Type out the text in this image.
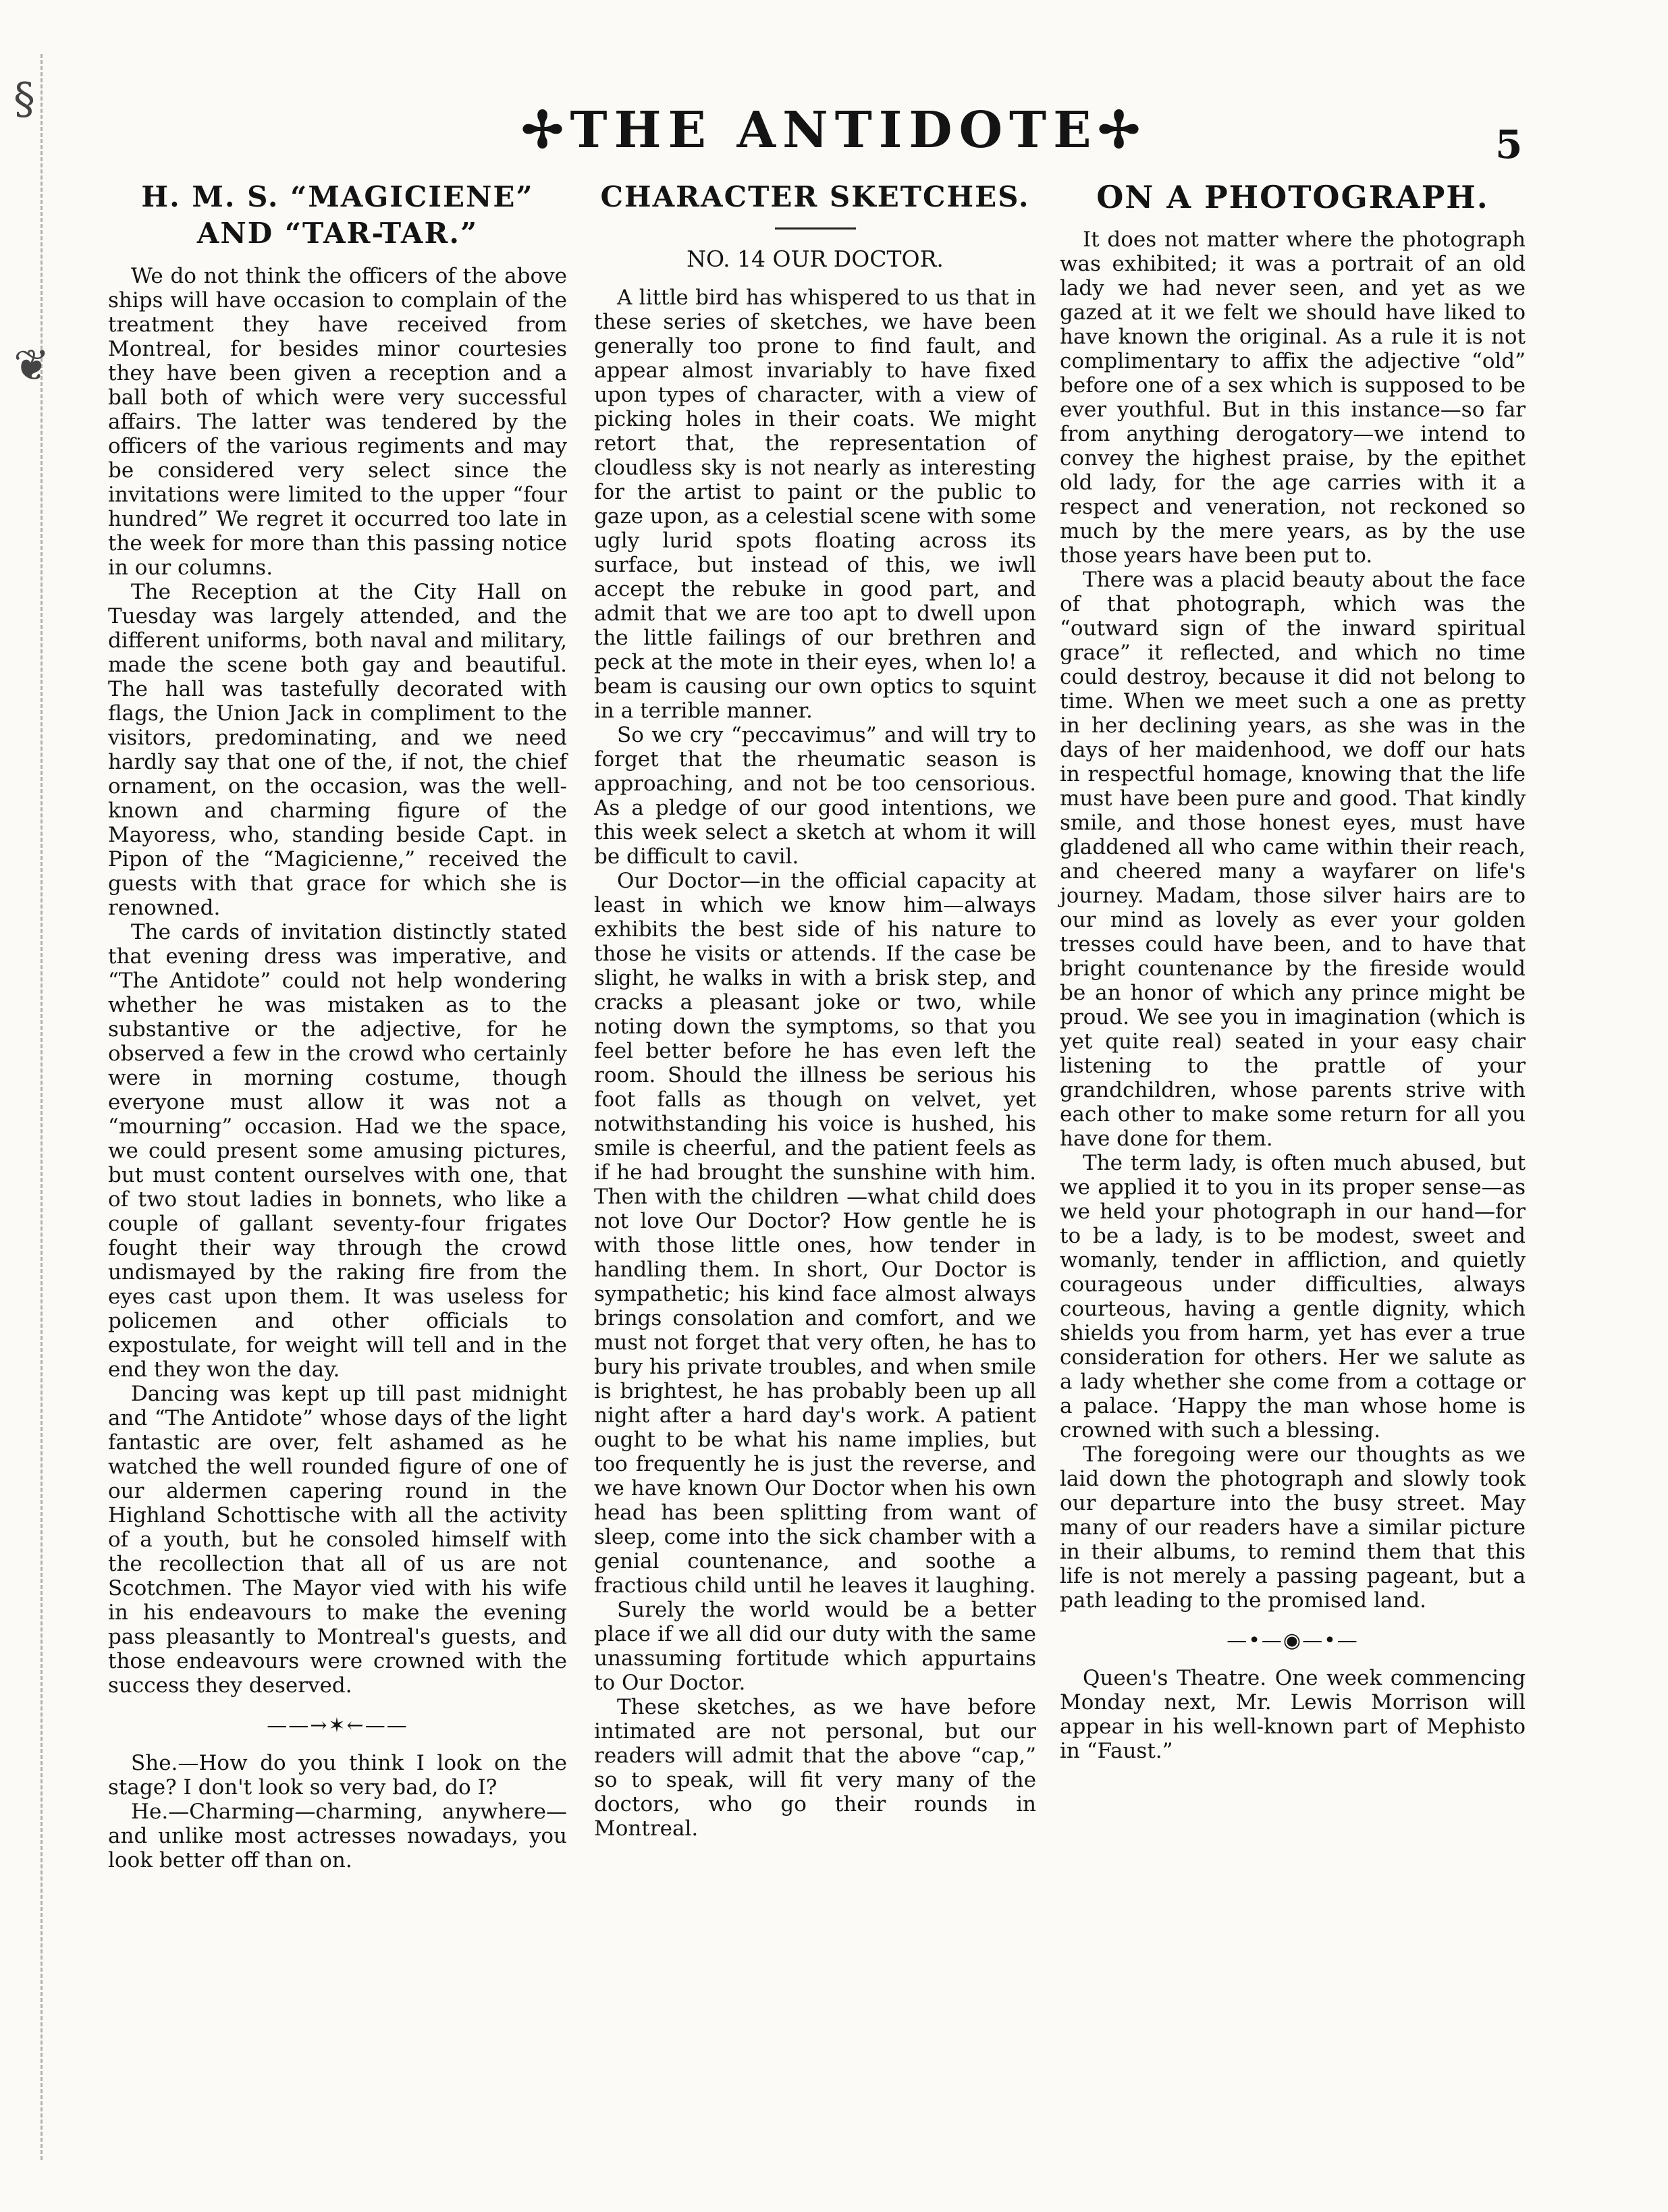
§
❦
✢THE ANTIDOTE✢	5
H. M. S. “MAGICIENE” AND “TAR-TAR.”

We do not think the officers of the above ships will have occasion to complain of the treatment they have received from Montreal, for besides minor courtesies they have been given a reception and a ball both of which were very successful affairs. The latter was tendered by the officers of the various regiments and may be considered very select since the invitations were limited to the upper “four hundred” We regret it occurred too late in the week for more than this passing notice in our columns.

The Reception at the City Hall on Tuesday was largely attended, and the different uniforms, both naval and military, made the scene both gay and beautiful. The hall was tastefully decorated with flags, the Union Jack in compliment to the visitors, predominating, and we need hardly say that one of the, if not, the chief ornament, on the occasion, was the well-known and charming figure of the Mayoress, who, standing beside Capt. in Pipon of the “Magicienne,” received the guests with that grace for which she is renowned.

The cards of invitation distinctly stated that evening dress was imperative, and “The Antidote” could not help wondering whether he was mistaken as to the substantive or the adjective, for he observed a few in the crowd who certainly were in morning costume, though everyone must allow it was not a “mourning” occasion. Had we the space, we could present some amusing pictures, but must content ourselves with one, that of two stout ladies in bonnets, who like a couple of gallant seventy-four frigates fought their way through the crowd undismayed by the raking fire from the eyes cast upon them. It was useless for policemen and other officials to expostulate, for weight will tell and in the end they won the day.

Dancing was kept up till past midnight and “The Antidote” whose days of the light fantastic are over, felt ashamed as he watched the well rounded figure of one of our aldermen capering round in the Highland Schottische with all the activity of a youth, but he consoled himself with the recollection that all of us are not Scotchmen. The Mayor vied with his wife in his endeavours to make the evening pass pleasantly to Montreal's guests, and those endeavours were crowned with the success they deserved.

——→✶←——

She.—How do you think I look on the stage? I don't look so very bad, do I?

He.—Charming—charming, anywhere—and unlike most actresses nowadays, you look better off than on.

CHARACTER SKETCHES.
NO. 14 OUR DOCTOR.

A little bird has whispered to us that in these series of sketches, we have been generally too prone to find fault, and appear almost invariably to have fixed upon types of character, with a view of picking holes in their coats. We might retort that, the representation of cloudless sky is not nearly as interesting for the artist to paint or the public to gaze upon, as a celestial scene with some ugly lurid spots floating across its surface, but instead of this, we iwll accept the rebuke in good part, and admit that we are too apt to dwell upon the little failings of our brethren and peck at the mote in their eyes, when lo! a beam is causing our own optics to squint in a terrible manner.

So we cry “peccavimus” and will try to forget that the rheumatic season is approaching, and not be too censorious. As a pledge of our good intentions, we this week select a sketch at whom it will be difficult to cavil.

Our Doctor—in the official capacity at least in which we know him—always exhibits the best side of his nature to those he visits or attends. If the case be slight, he walks in with a brisk step, and cracks a pleasant joke or two, while noting down the symptoms, so that you feel better before he has even left the room. Should the illness be serious his foot falls as though on velvet, yet notwithstanding his voice is hushed, his smile is cheerful, and the patient feels as if he had brought the sunshine with him. Then with the children —what child does not love Our Doctor? How gentle he is with those little ones, how tender in handling them. In short, Our Doctor is sympathetic; his kind face almost always brings consolation and comfort, and we must not forget that very often, he has to bury his private troubles, and when smile is brightest, he has probably been up all night after a hard day's work. A patient ought to be what his name implies, but too frequently he is just the reverse, and we have known Our Doctor when his own head has been splitting from want of sleep, come into the sick chamber with a genial countenance, and soothe a fractious child until he leaves it laughing.

Surely the world would be a better place if we all did our duty with the same unassuming fortitude which appurtains to Our Doctor.

These sketches, as we have before intimated are not personal, but our readers will admit that the above “cap,” so to speak, will fit very many of the doctors, who go their rounds in Montreal.

ON A PHOTOGRAPH.

It does not matter where the photograph was exhibited; it was a portrait of an old lady we had never seen, and yet as we gazed at it we felt we should have liked to have known the original. As a rule it is not complimentary to affix the adjective “old” before one of a sex which is supposed to be ever youthful. But in this instance—so far from anything derogatory—we intend to convey the highest praise, by the epithet old lady, for the age carries with it a respect and veneration, not reckoned so much by the mere years, as by the use those years have been put to.

There was a placid beauty about the face of that photograph, which was the “outward sign of the inward spiritual grace” it reflected, and which no time could destroy, because it did not belong to time. When we meet such a one as pretty in her declining years, as she was in the days of her maidenhood, we doff our hats in respectful homage, knowing that the life must have been pure and good. That kindly smile, and those honest eyes, must have gladdened all who came within their reach, and cheered many a wayfarer on life's journey. Madam, those silver hairs are to our mind as lovely as ever your golden tresses could have been, and to have that bright countenance by the fireside would be an honor of which any prince might be proud. We see you in imagination (which is yet quite real) seated in your easy chair listening to the prattle of your grandchildren, whose parents strive with each other to make some return for all you have done for them.

The term lady, is often much abused, but we applied it to you in its proper sense—as we held your photograph in our hand—for to be a lady, is to be modest, sweet and womanly, tender in affliction, and quietly courageous under difficulties, always courteous, having a gentle dignity, which shields you from harm, yet has ever a true consideration for others. Her we salute as a lady whether she come from a cottage or a palace. ‘Happy the man whose home is crowned with such a blessing.

The foregoing were our thoughts as we laid down the photograph and slowly took our departure into the busy street. May many of our readers have a similar picture in their albums, to remind them that this life is not merely a passing pageant, but a path leading to the promised land.

—•—◉—•—

Queen's Theatre. One week commencing Monday next, Mr. Lewis Morrison will appear in his well-known part of Mephisto in “Faust.”
